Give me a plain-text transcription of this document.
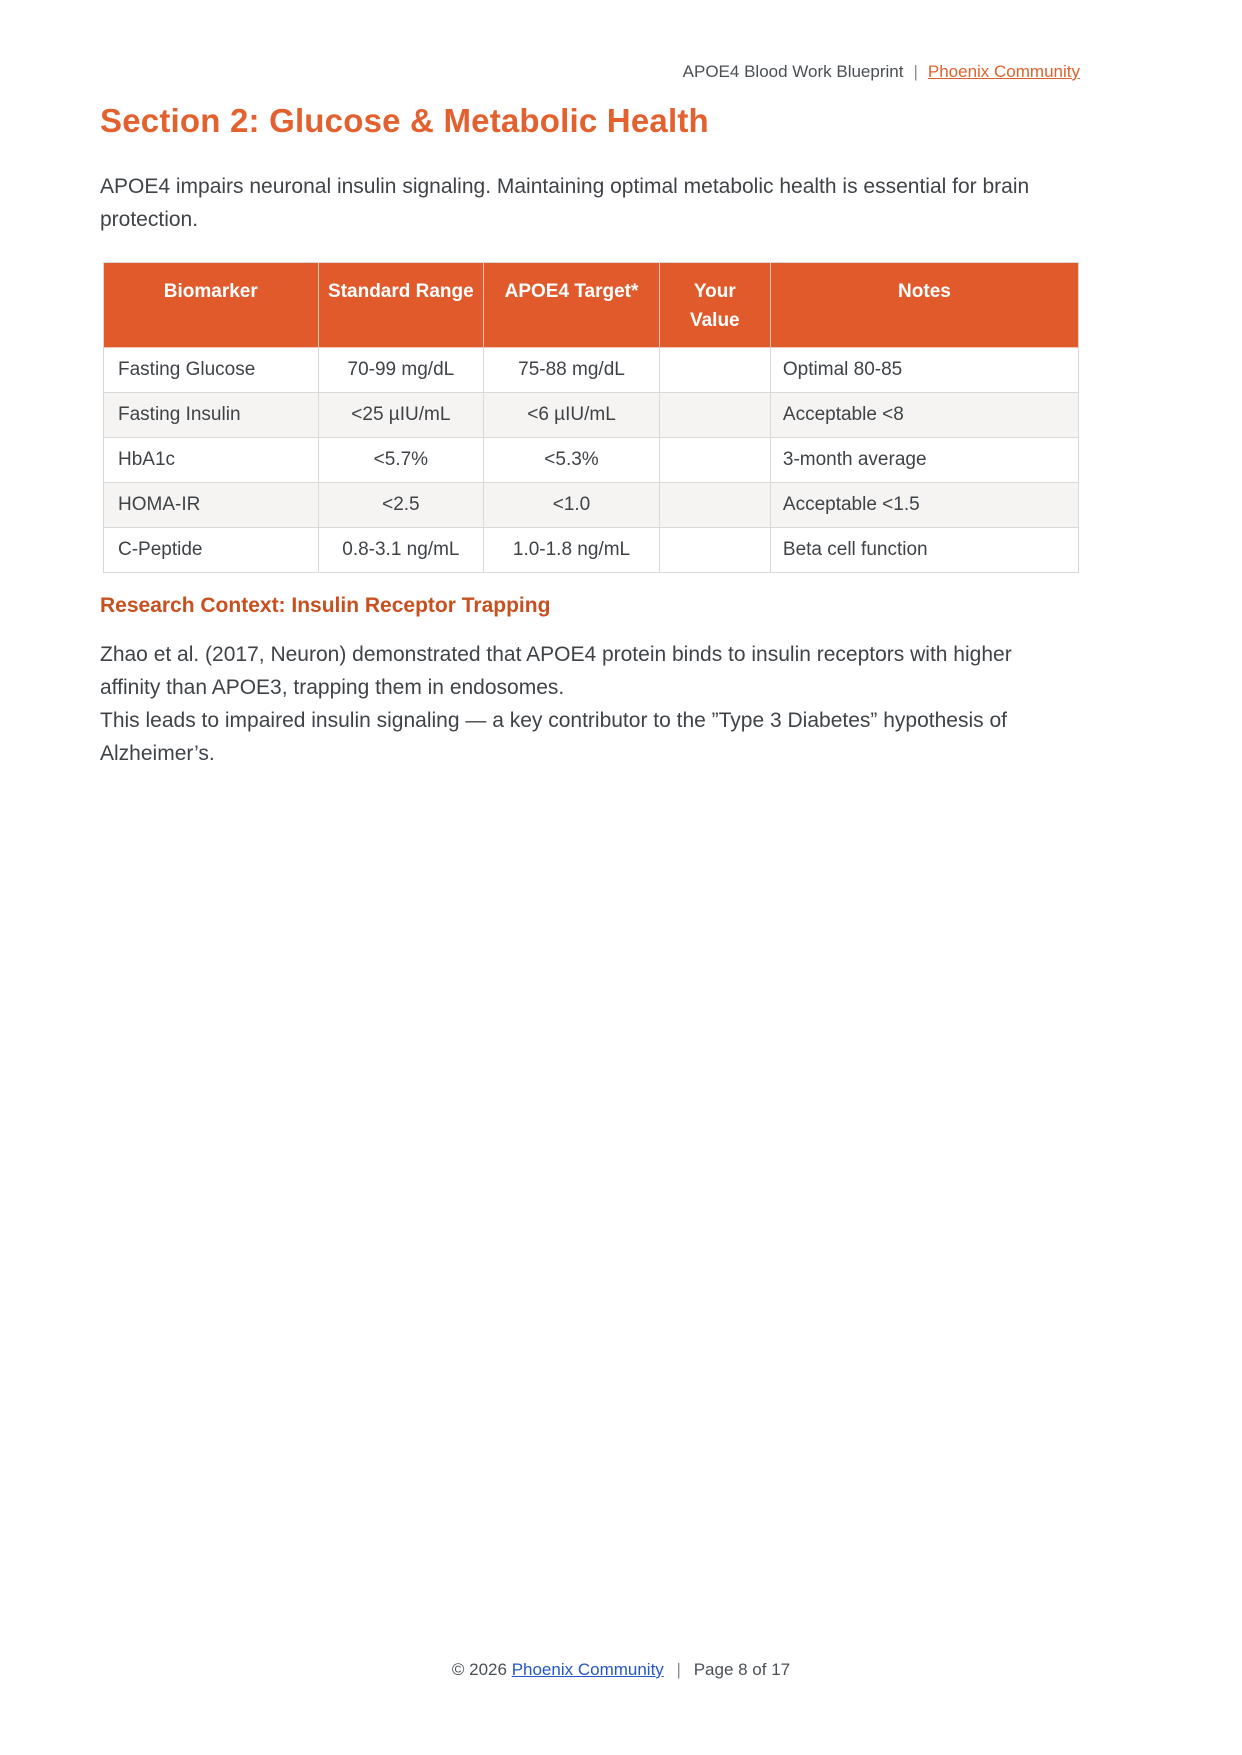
APOE4 Blood Work Blueprint | Phoenix Community
Section 2: Glucose & Metabolic Health
APOE4 impairs neuronal insulin signaling. Maintaining optimal metabolic health is essential for brain protection.
Biomarker	Standard Range	APOE4 Target*	Your Value	Notes
Fasting Glucose	70-99 mg/dL	75-88 mg/dL		Optimal 80-85
Fasting Insulin	<25 µIU/mL	<6 µIU/mL		Acceptable <8
HbA1c	<5.7%	<5.3%		3-month average
HOMA-IR	<2.5	<1.0		Acceptable <1.5
C-Peptide	0.8-3.1 ng/mL	1.0-1.8 ng/mL		Beta cell function
Research Context: Insulin Receptor Trapping

Zhao et al. (2017, Neuron) demonstrated that APOE4 protein binds to insulin receptors with higher affinity than APOE3, trapping them in endosomes.

This leads to impaired insulin signaling — a key contributor to the ”Type 3 Diabetes” hypothesis of Alzheimer’s.

© 2026 Phoenix Community | Page 8 of 17
